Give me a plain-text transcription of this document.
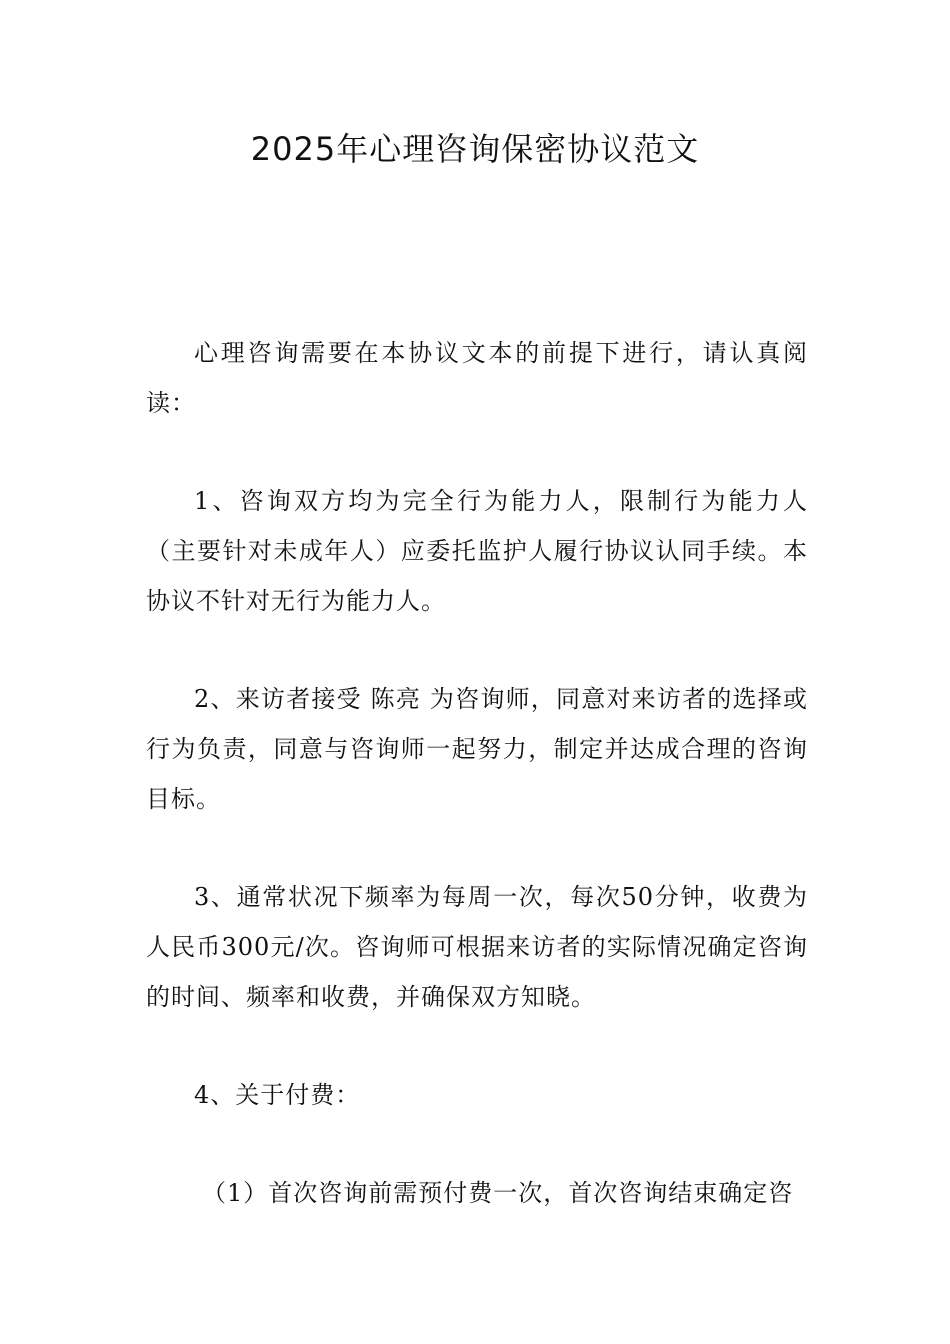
2025年心理咨询保密协议范文

心理咨询需要在本协议文本的前提下进行，请认真阅读：

1、咨询双方均为完全行为能力人，限制行为能力人（主要针对未成年人）应委托监护人履行协议认同手续。本协议不针对无行为能力人。

2、来访者接受 陈亮 为咨询师，同意对来访者的选择或行为负责，同意与咨询师一起努力，制定并达成合理的咨询目标。

3、通常状况下频率为每周一次，每次50分钟，收费为人民币300元/次。咨询师可根据来访者的实际情况确定咨询的时间、频率和收费，并确保双方知晓。

4、关于付费：

（1）首次咨询前需预付费一次，首次咨询结束确定咨
